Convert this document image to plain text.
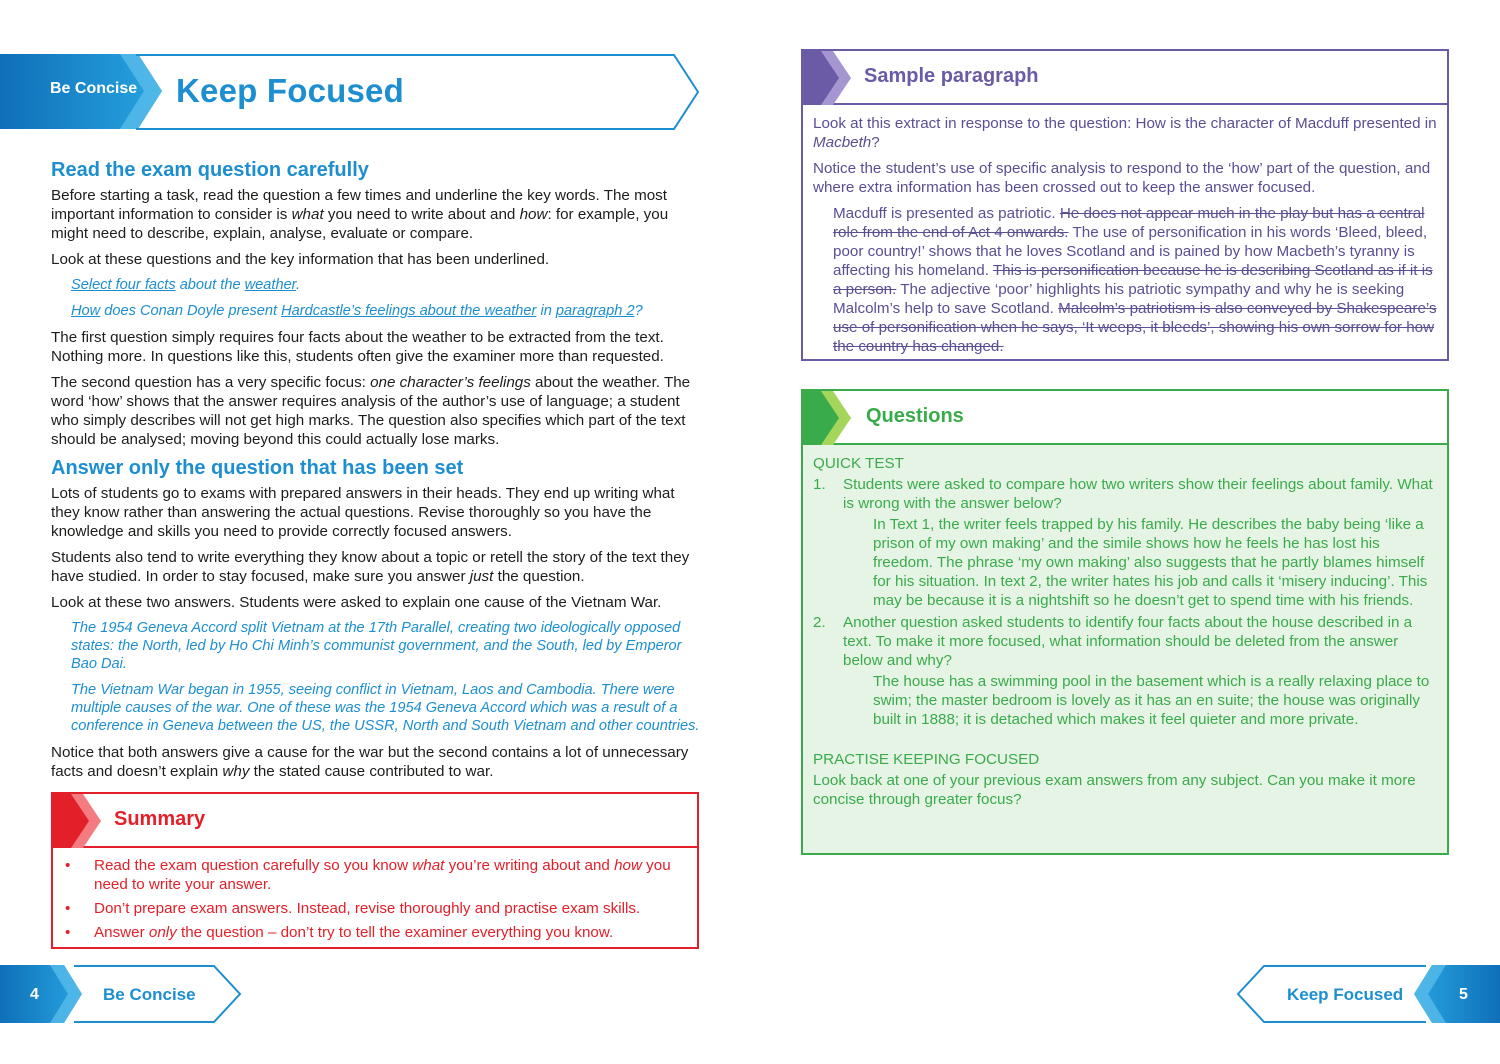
Be Concise Keep Focused
Read the exam question carefully

Before starting a task, read the question a few times and underline the key words. The most important information to consider is what you need to write about and how: for example, you might need to describe, explain, analyse, evaluate or compare.

Look at these questions and the key information that has been underlined.

Select four facts about the weather.

How does Conan Doyle present Hardcastle’s feelings about the weather in paragraph 2?

The first question simply requires four facts about the weather to be extracted from the text. Nothing more. In questions like this, students often give the examiner more than requested.

The second question has a very specific focus: one character’s feelings about the weather. The word ‘how’ shows that the answer requires analysis of the author’s use of language; a student who simply describes will not get high marks. The question also specifies which part of the text should be analysed; moving beyond this could actually lose marks.

Answer only the question that has been set

Lots of students go to exams with prepared answers in their heads. They end up writing what they know rather than answering the actual questions. Revise thoroughly so you have the knowledge and skills you need to provide correctly focused answers.

Students also tend to write everything they know about a topic or retell the story of the text they have studied. In order to stay focused, make sure you answer just the question.

Look at these two answers. Students were asked to explain one cause of the Vietnam War.

The 1954 Geneva Accord split Vietnam at the 17th Parallel, creating two ideologically opposed states: the North, led by Ho Chi Minh’s communist government, and the South, led by Emperor Bao Dai.

The Vietnam War began in 1955, seeing conflict in Vietnam, Laos and Cambodia. There were multiple causes of the war. One of these was the 1954 Geneva Accord which was a result of a conference in Geneva between the US, the USSR, North and South Vietnam and other countries.

Notice that both answers give a cause for the war but the second contains a lot of unnecessary facts and doesn’t explain why the stated cause contributed to war.

Summary
• Read the exam question carefully so you know what you’re writing about and how you need to write your answer.
• Don’t prepare exam answers. Instead, revise thoroughly and practise exam skills.
• Answer only the question – don’t try to tell the examiner everything you know.
Sample paragraph

Look at this extract in response to the question: How is the character of Macduff presented in Macbeth?

Notice the student’s use of specific analysis to respond to the ‘how’ part of the question, and where extra information has been crossed out to keep the answer focused.

Macduff is presented as patriotic. He does not appear much in the play but has a central role from the end of Act 4 onwards. The use of personification in his words ‘Bleed, bleed, poor country!’ shows that he loves Scotland and is pained by how Macbeth’s tyranny is affecting his homeland. This is personification because he is describing Scotland as if it is a person. The adjective ‘poor’ highlights his patriotic sympathy and why he is seeking Malcolm’s help to save Scotland. Malcolm’s patriotism is also conveyed by Shakespeare’s use of personification when he says, ‘It weeps, it bleeds’, showing his own sorrow for how the country has changed.

Questions
QUICK TEST
1. Students were asked to compare how two writers show their feelings about family. What is wrong with the answer below?
In Text 1, the writer feels trapped by his family. He describes the baby being ‘like a prison of my own making’ and the simile shows how he feels he has lost his freedom. The phrase ‘my own making’ also suggests that he partly blames himself for his situation. In text 2, the writer hates his job and calls it ‘misery inducing’. This may be because it is a nightshift so he doesn’t get to spend time with his friends.
2. Another question asked students to identify four facts about the house described in a text. To make it more focused, what information should be deleted from the answer below and why?
The house has a swimming pool in the basement which is a really relaxing place to swim; the master bedroom is lovely as it has an en suite; the house was originally built in 1888; it is detached which makes it feel quieter and more private.
PRACTISE KEEPING FOCUSED
Look back at one of your previous exam answers from any subject. Can you make it more concise through greater focus?
4	Be Concise	Keep Focused	5
